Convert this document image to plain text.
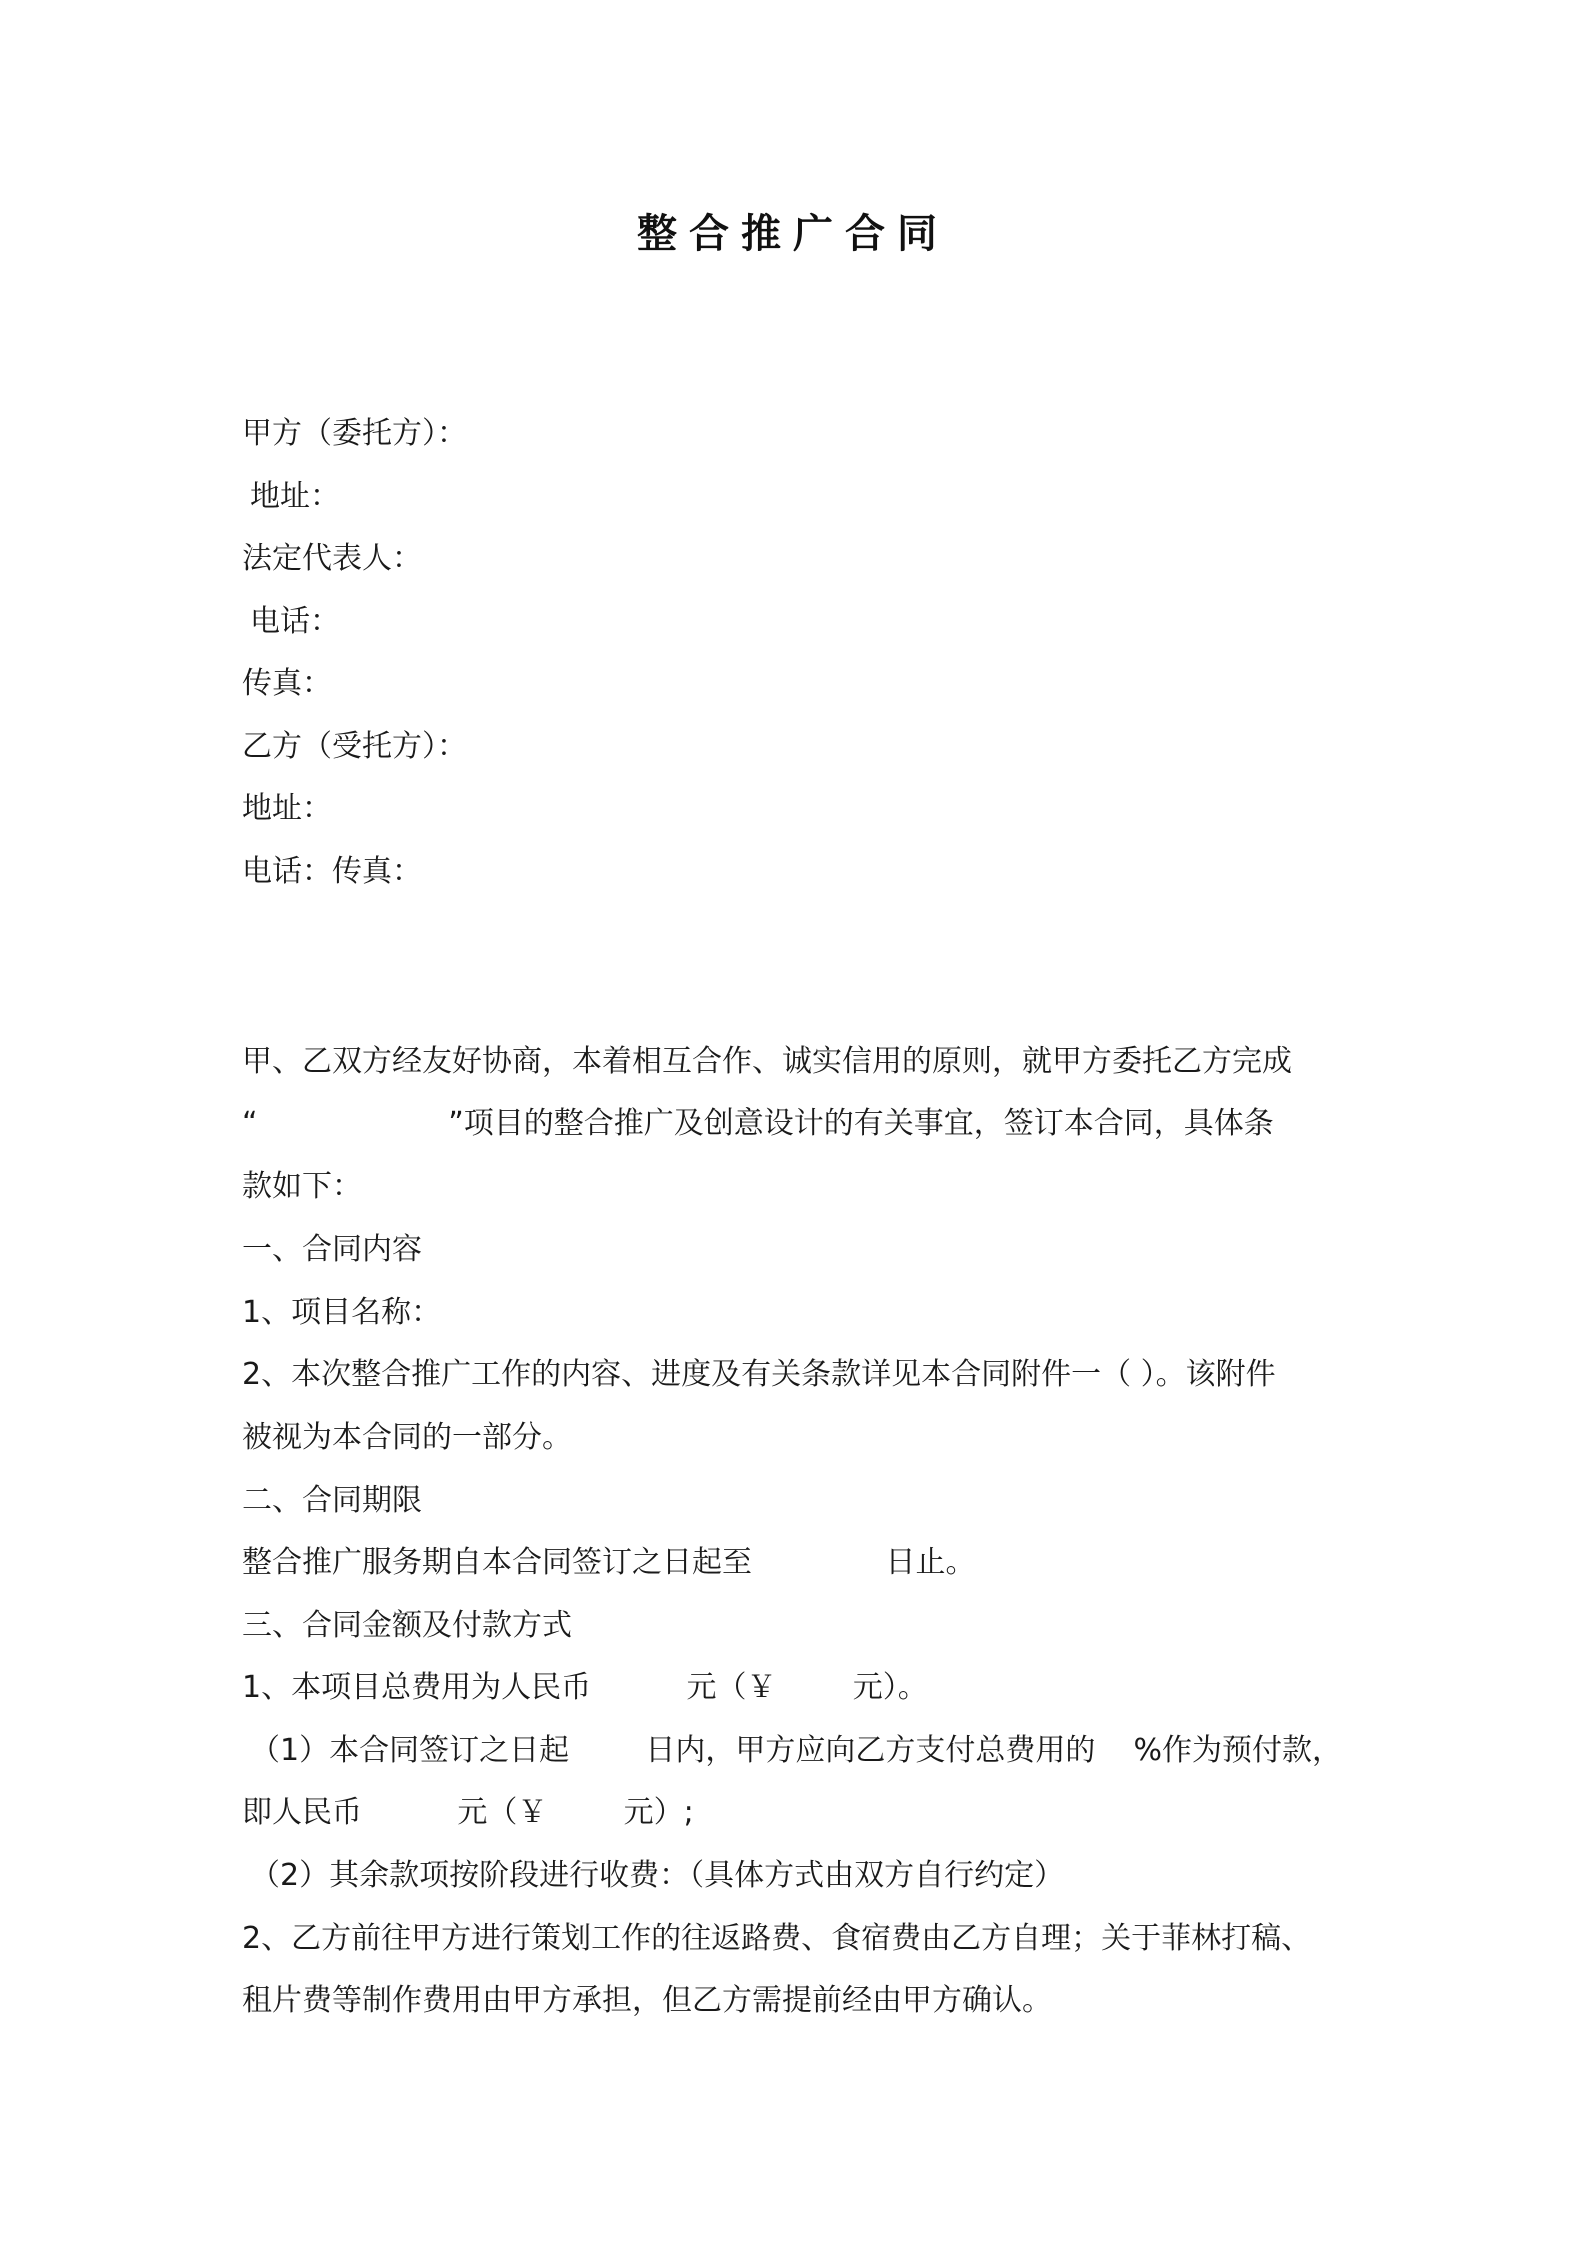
整合推广合同
甲方（委托方）：
地址：
法定代表人：
电话：
传真：
乙方（受托方）：
地址：
电话：传真：
甲、乙双方经友好协商，本着相互合作、诚实信用的原则，就甲方委托乙方完成
“                    ”项目的整合推广及创意设计的有关事宜，签订本合同，具体条
款如下：
一、合同内容
1、项目名称：
2、本次整合推广工作的内容、进度及有关条款详见本合同附件一（ ）。该附件
被视为本合同的一部分。
二、合同期限
整合推广服务期自本合同签订之日起至              日止。
三、合同金额及付款方式
1、本项目总费用为人民币          元（￥        元）。
（1）本合同签订之日起        日内，甲方应向乙方支付总费用的    %作为预付款，
即人民币          元（￥        元）;
（2）其余款项按阶段进行收费：（具体方式由双方自行约定）
2、乙方前往甲方进行策划工作的往返路费、食宿费由乙方自理；关于菲林打稿、
租片费等制作费用由甲方承担，但乙方需提前经由甲方确认。
